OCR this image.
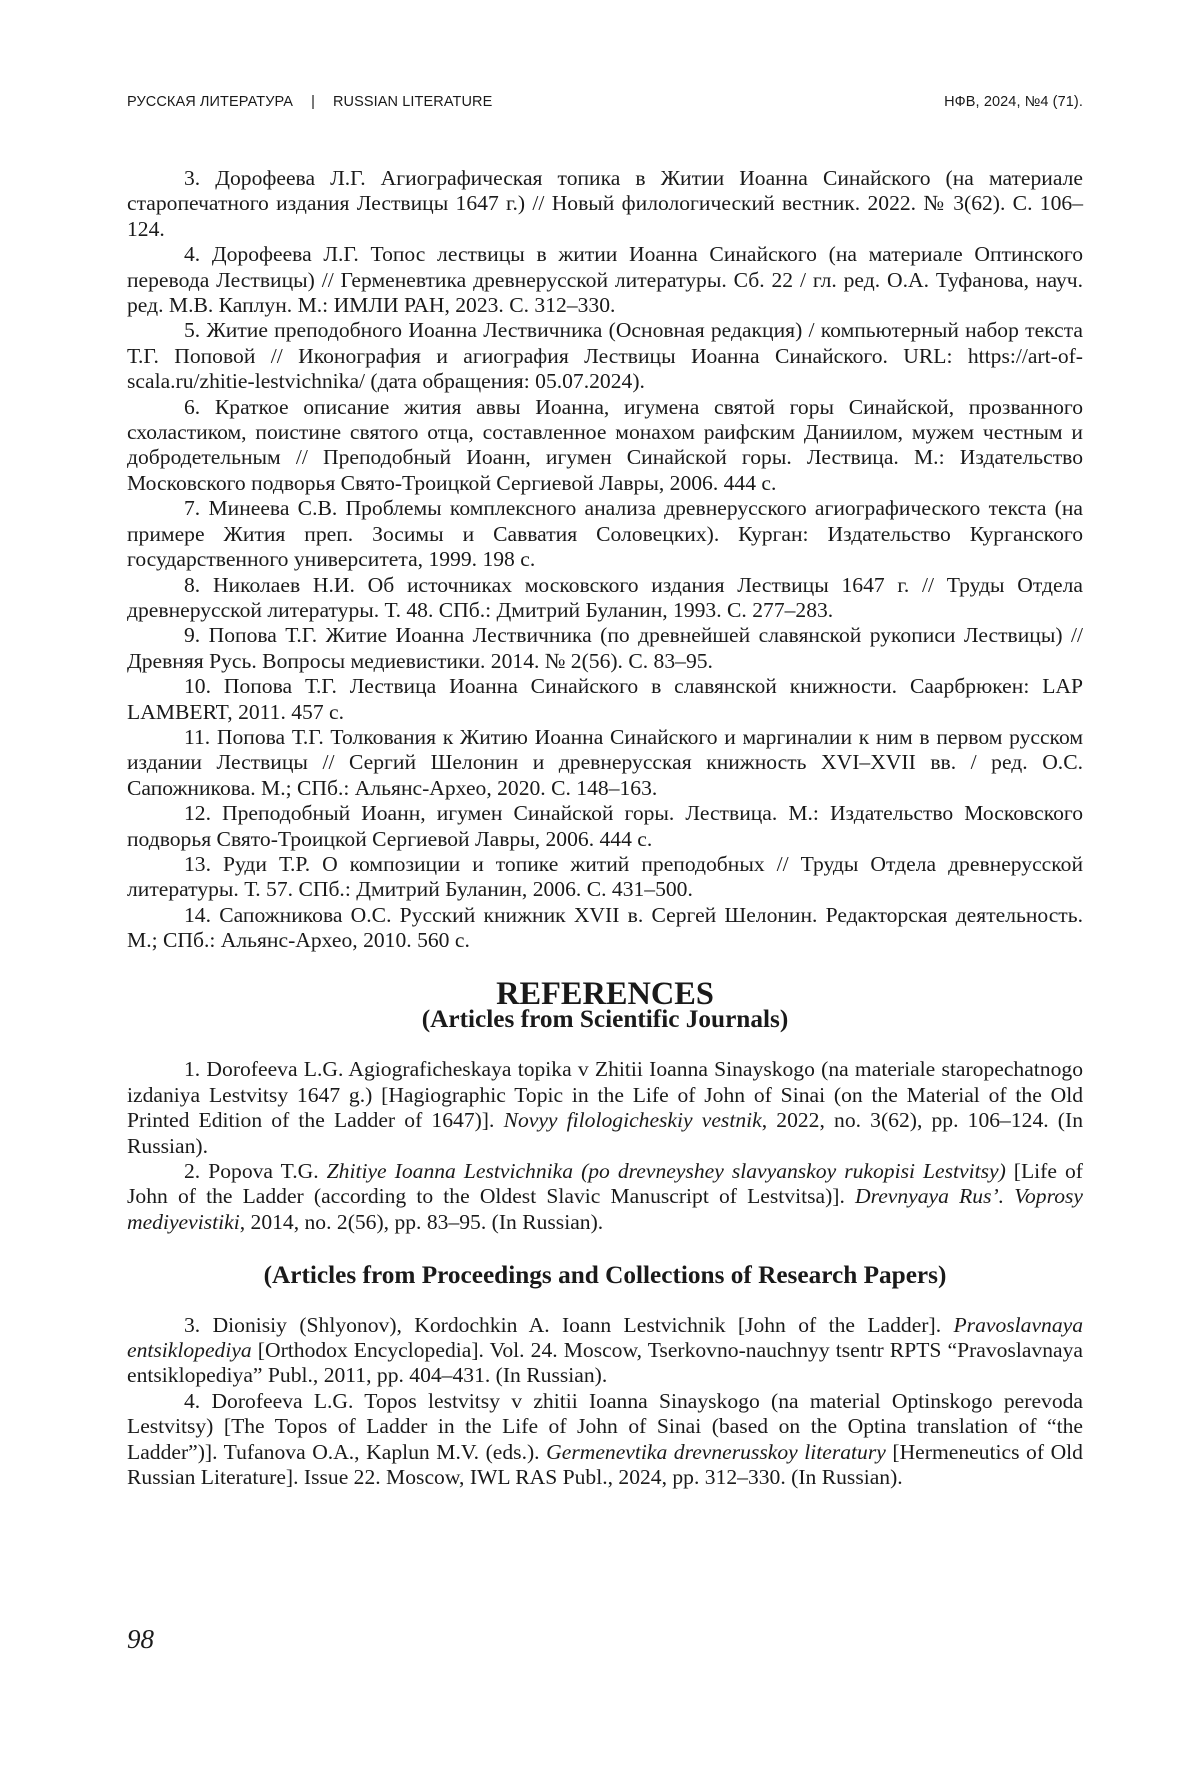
РУССКАЯ ЛИТЕРАТУРА | RUSSIAN LITERATURE	НФВ, 2024, №4 (71).

3. Дорофеева Л.Г. Агиографическая топика в Житии Иоанна Синайского (на материале старопечатного издания Лествицы 1647 г.) // Новый филологический вестник. 2022. № 3(62). С. 106–124.

4. Дорофеева Л.Г. Топос лествицы в житии Иоанна Синайского (на материале Оптинского перевода Лествицы) // Герменевтика древнерусской литературы. Сб. 22 / гл. ред. О.А. Туфанова, науч. ред. М.В. Каплун. М.: ИМЛИ РАН, 2023. С. 312–330.

5. Житие преподобного Иоанна Лествичника (Основная редакция) / компьютерный набор текста Т.Г. Поповой // Иконография и агиография Лествицы Иоанна Синайского. URL: https://art-of-scala.ru/zhitie-lestvichnika/ (дата обращения: 05.07.2024).

6. Краткое описание жития аввы Иоанна, игумена святой горы Синайской, прозванного схоластиком, поистине святого отца, составленное монахом раифским Даниилом, мужем честным и добродетельным // Преподобный Иоанн, игумен Синайской горы. Лествица. М.: Издательство Московского подворья Свято-Троицкой Сергиевой Лавры, 2006. 444 с.

7. Минеева С.В. Проблемы комплексного анализа древнерусского агиографического текста (на примере Жития преп. Зосимы и Савватия Соловецких). Курган: Издательство Курганского государственного университета, 1999. 198 с.

8. Николаев Н.И. Об источниках московского издания Лествицы 1647 г. // Труды Отдела древнерусской литературы. Т. 48. СПб.: Дмитрий Буланин, 1993. С. 277–283.

9. Попова Т.Г. Житие Иоанна Лествичника (по древнейшей славянской рукописи Лествицы) // Древняя Русь. Вопросы медиевистики. 2014. № 2(56). С. 83–95.

10. Попова Т.Г. Лествица Иоанна Синайского в славянской книжности. Саарбрюкен: LAP LAMBERT, 2011. 457 с.

11. Попова Т.Г. Толкования к Житию Иоанна Синайского и маргиналии к ним в первом русском издании Лествицы // Сергий Шелонин и древнерусская книжность XVI–XVII вв. / ред. О.С. Сапожникова. М.; СПб.: Альянс-Архео, 2020. С. 148–163.

12. Преподобный Иоанн, игумен Синайской горы. Лествица. М.: Издательство Московского подворья Свято-Троицкой Сергиевой Лавры, 2006. 444 с.

13. Руди Т.Р. О композиции и топике житий преподобных // Труды Отдела древнерусской литературы. Т. 57. СПб.: Дмитрий Буланин, 2006. С. 431–500.

14. Сапожникова О.С. Русский книжник XVII в. Сергей Шелонин. Редакторская деятельность. М.; СПб.: Альянс-Архео, 2010. 560 с.

REFERENCES
(Articles from Scientific Journals)

1. Dorofeeva L.G. Agiograficheskaya topika v Zhitii Ioanna Sinayskogo (na materiale staropechatnogo izdaniya Lestvitsy 1647 g.) [Hagiographic Topic in the Life of John of Sinai (on the Material of the Old Printed Edition of the Ladder of 1647)]. Novyy filologicheskiy vestnik, 2022, no. 3(62), pp. 106–124. (In Russian).

2. Popova T.G. Zhitiye Ioanna Lestvichnika (po drevneyshey slavyanskoy rukopisi Lestvitsy) [Life of John of the Ladder (according to the Oldest Slavic Manuscript of Lestvitsa)]. Drevnyaya Rus’. Voprosy mediyevistiki, 2014, no. 2(56), pp. 83–95. (In Russian).

(Articles from Proceedings and Collections of Research Papers)

3. Dionisiy (Shlyonov), Kordochkin A. Ioann Lestvichnik [John of the Ladder]. Pravoslavnaya entsiklopediya [Orthodox Encyclopedia]. Vol. 24. Moscow, Tserkovno-nauchnyy tsentr RPTS “Pravoslavnaya entsiklopediya” Publ., 2011, pp. 404–431. (In Russian).

4. Dorofeeva L.G. Topos lestvitsy v zhitii Ioanna Sinayskogo (na material Optinskogo perevoda Lestvitsy) [The Topos of Ladder in the Life of John of Sinai (based on the Optina translation of “the Ladder”)]. Tufanova O.A., Kaplun M.V. (eds.). Germenevtika drevnerusskoy literatury [Hermeneutics of Old Russian Literature]. Issue 22. Moscow, IWL RAS Publ., 2024, pp. 312–330. (In Russian).

98
